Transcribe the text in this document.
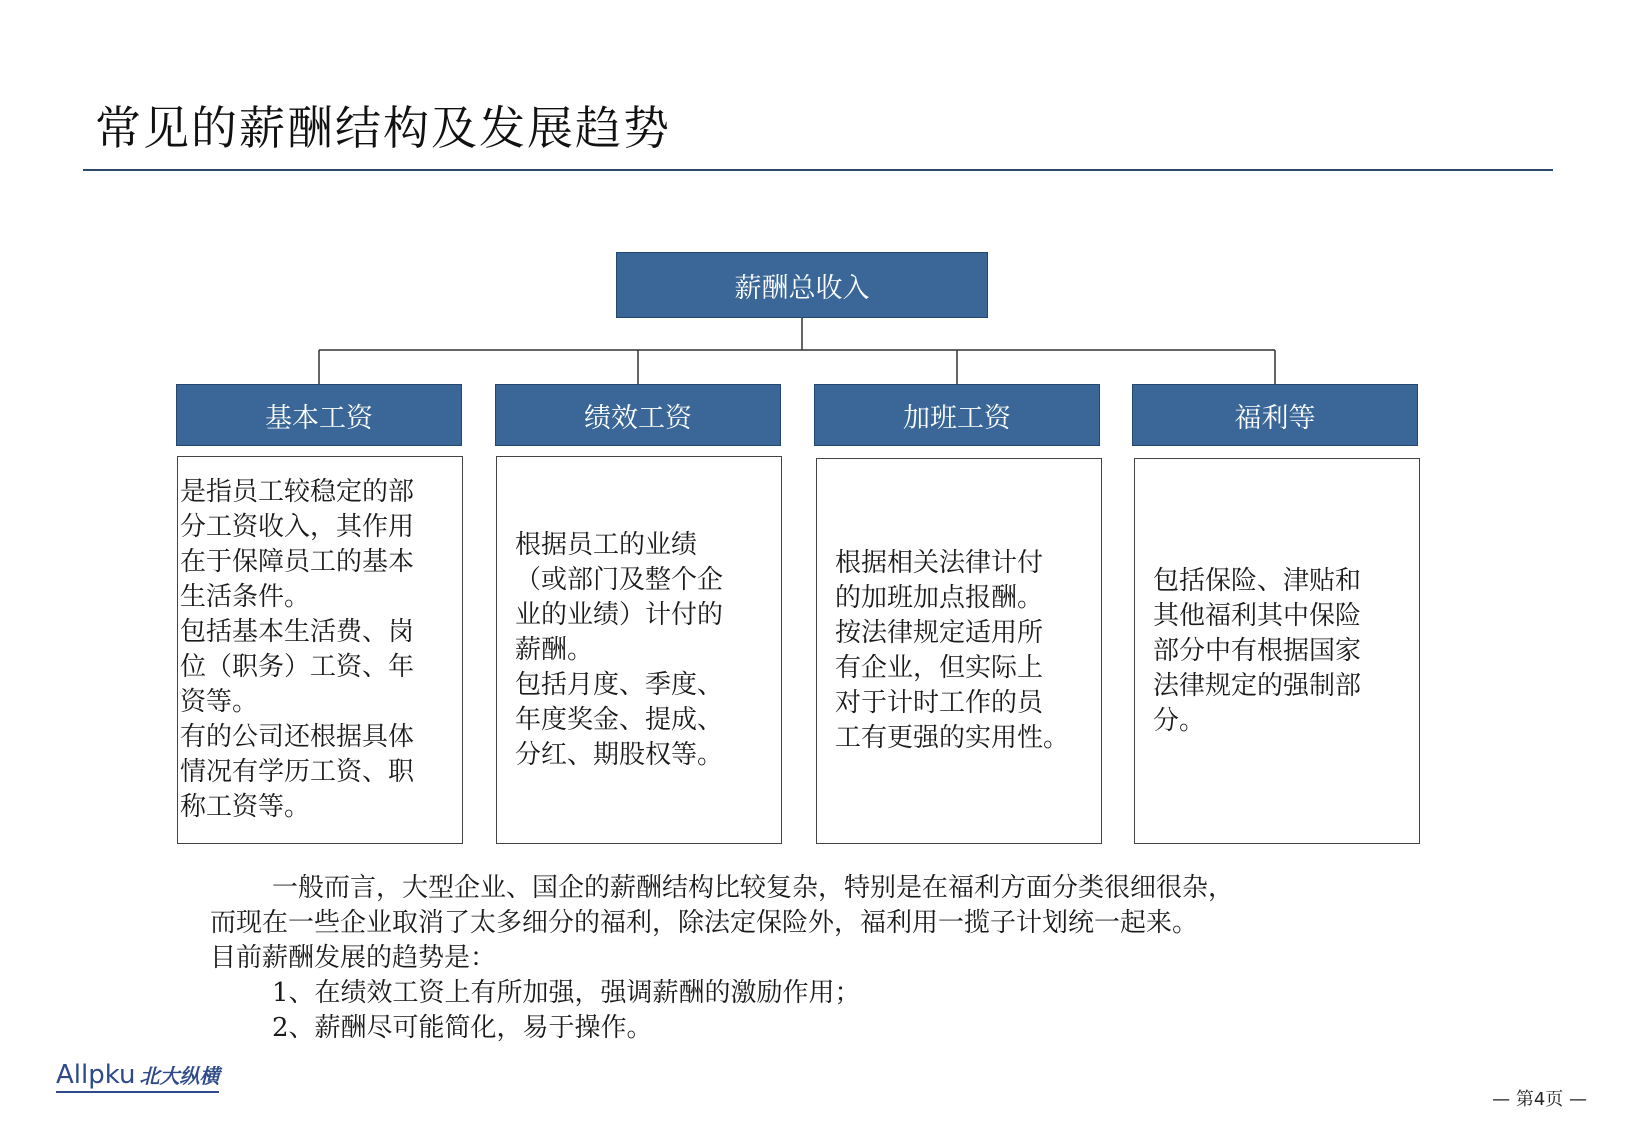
常见的薪酬结构及发展趋势
薪酬总收入
基本工资	绩效工资	加班工资	福利等
是指员工较稳定的部
分工资收入，其作用
在于保障员工的基本
生活条件。
包括基本生活费、岗
位（职务）工资、年
资等。
有的公司还根据具体
情况有学历工资、职
称工资等。
根据员工的业绩
（或部门及整个企
业的业绩）计付的
薪酬。
包括月度、季度、
年度奖金、提成、
分红、期股权等。
根据相关法律计付
的加班加点报酬。
按法律规定适用所
有企业，但实际上
对于计时工作的员
工有更强的实用性。
包括保险、津贴和
其他福利其中保险
部分中有根据国家
法律规定的强制部
分。
一般而言，大型企业、国企的薪酬结构比较复杂，特别是在福利方面分类很细很杂，
而现在一些企业取消了太多细分的福利，除法定保险外，福利用一揽子计划统一起来。
目前薪酬发展的趋势是：
1、在绩效工资上有所加强，强调薪酬的激励作用；
2、薪酬尽可能简化，易于操作。
Allpku 北大纵横
— 第4页 —
